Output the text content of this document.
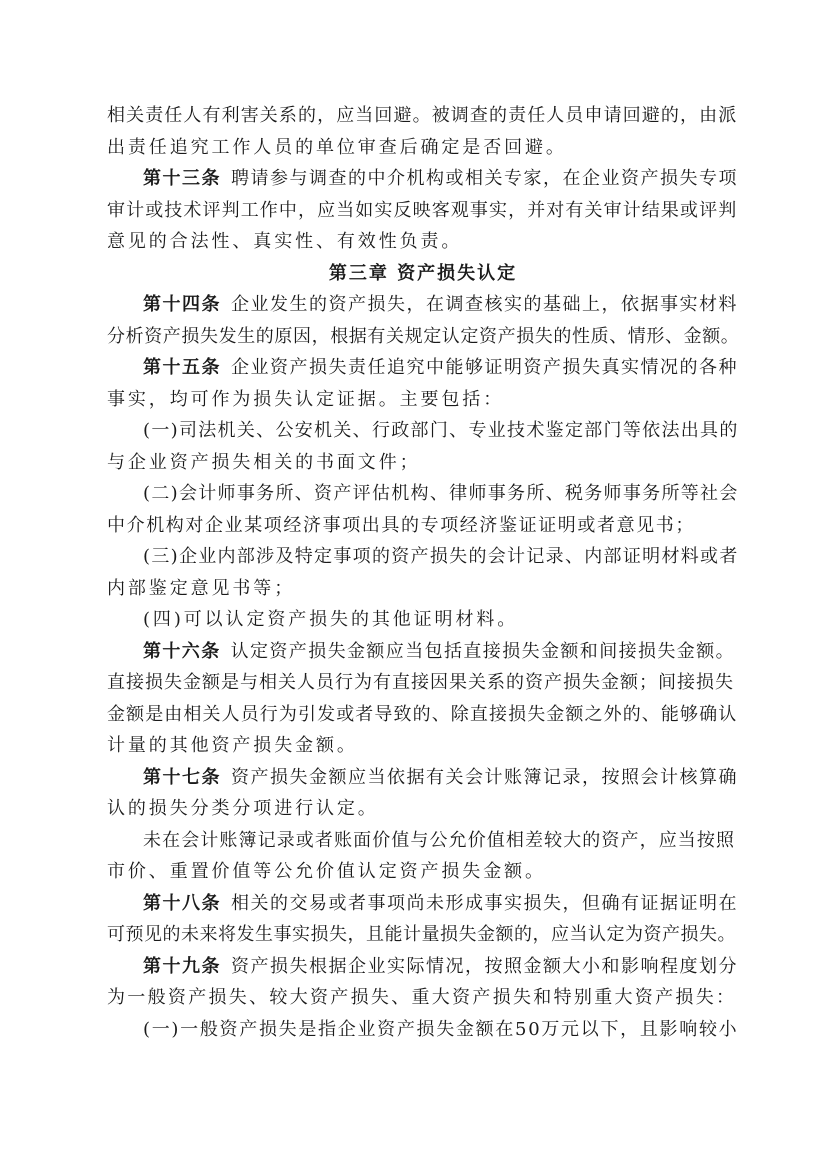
相关责任人有利害关系的，应当回避。被调查的责任人员申请回避的，由派
出责任追究工作人员的单位审查后确定是否回避。
第十三条 聘请参与调查的中介机构或相关专家，在企业资产损失专项
审计或技术评判工作中，应当如实反映客观事实，并对有关审计结果或评判
意见的合法性、真实性、有效性负责。
第三章 资产损失认定
第十四条 企业发生的资产损失，在调查核实的基础上，依据事实材料
分析资产损失发生的原因，根据有关规定认定资产损失的性质、情形、金额。
第十五条 企业资产损失责任追究中能够证明资产损失真实情况的各种
事实，均可作为损失认定证据。主要包括：
(一)司法机关、公安机关、行政部门、专业技术鉴定部门等依法出具的
与企业资产损失相关的书面文件；
(二)会计师事务所、资产评估机构、律师事务所、税务师事务所等社会
中介机构对企业某项经济事项出具的专项经济鉴证证明或者意见书；
(三)企业内部涉及特定事项的资产损失的会计记录、内部证明材料或者
内部鉴定意见书等；
(四)可以认定资产损失的其他证明材料。
第十六条 认定资产损失金额应当包括直接损失金额和间接损失金额。
直接损失金额是与相关人员行为有直接因果关系的资产损失金额；间接损失
金额是由相关人员行为引发或者导致的、除直接损失金额之外的、能够确认
计量的其他资产损失金额。
第十七条 资产损失金额应当依据有关会计账簿记录，按照会计核算确
认的损失分类分项进行认定。
未在会计账簿记录或者账面价值与公允价值相差较大的资产，应当按照
市价、重置价值等公允价值认定资产损失金额。
第十八条 相关的交易或者事项尚未形成事实损失，但确有证据证明在
可预见的未来将发生事实损失，且能计量损失金额的，应当认定为资产损失。
第十九条 资产损失根据企业实际情况，按照金额大小和影响程度划分
为一般资产损失、较大资产损失、重大资产损失和特别重大资产损失：
(一)一般资产损失是指企业资产损失金额在50万元以下，且影响较小
